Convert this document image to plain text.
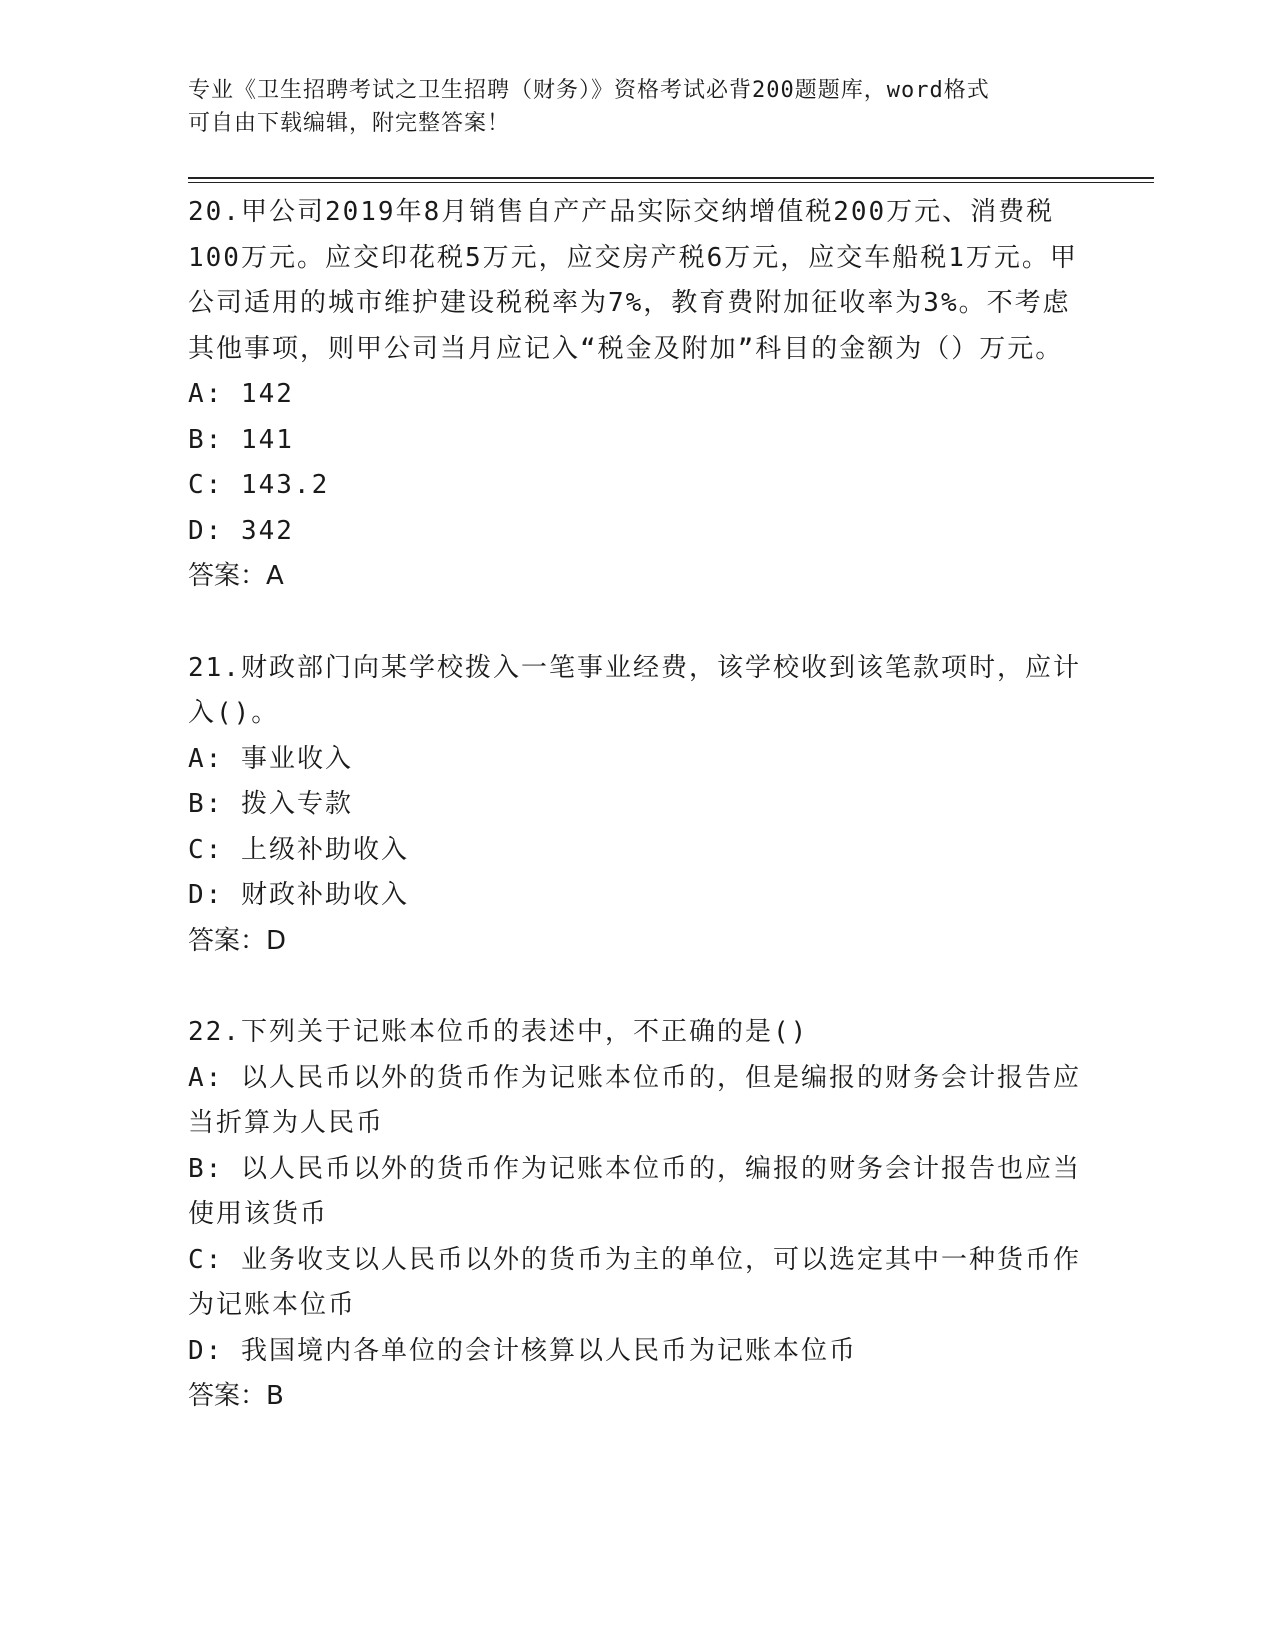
专业《卫生招聘考试之卫生招聘（财务）》资格考试必背200题题库，word格式
可自由下载编辑，附完整答案！

20.甲公司2019年8月销售自产产品实际交纳增值税200万元、消费税100万元。应交印花税5万元，应交房产税6万元，应交车船税1万元。甲公司适用的城市维护建设税税率为7%，教育费附加征收率为3%。不考虑其他事项，则甲公司当月应记入“税金及附加”科目的金额为（）万元。

A: 142

B: 141

C: 143.2

D: 342

答案：A

21.财政部门向某学校拨入一笔事业经费，该学校收到该笔款项时，应计入()。

A: 事业收入

B: 拨入专款

C: 上级补助收入

D: 财政补助收入

答案：D

22.下列关于记账本位币的表述中，不正确的是()

A: 以人民币以外的货币作为记账本位币的，但是编报的财务会计报告应当折算为人民币

B: 以人民币以外的货币作为记账本位币的，编报的财务会计报告也应当使用该货币

C: 业务收支以人民币以外的货币为主的单位，可以选定其中一种货币作为记账本位币

D: 我国境内各单位的会计核算以人民币为记账本位币

答案：B
